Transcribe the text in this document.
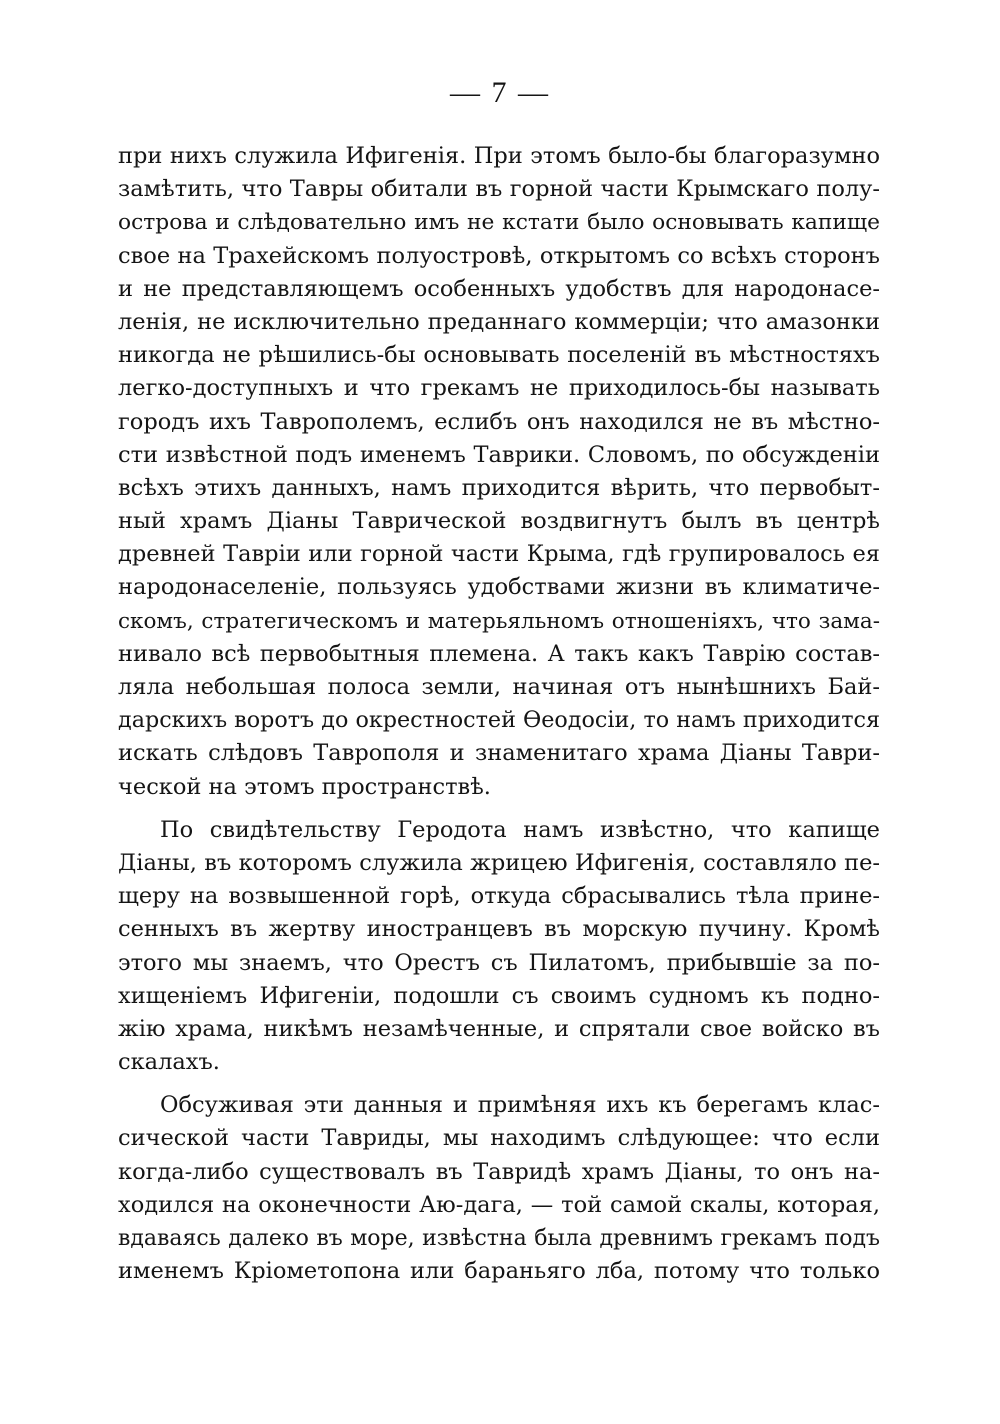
— 7 —
при нихъ служила Ифигенія. При этомъ было-бы благоразумно
замѣтить, что Тавры обитали въ горной части Крымскаго полу-
острова и слѣдовательно имъ не кстати было основывать капище
свое на Трахейскомъ полуостровѣ, открытомъ со всѣхъ сторонъ
и не представляющемъ особенныхъ удобствъ для народонасе-
ленія, не исключительно преданнаго коммерціи; что амазонки
никогда не рѣшились-бы основывать поселеній въ мѣстностяхъ
легко-доступныхъ и что грекамъ не приходилось-бы называть
городъ ихъ Таврополемъ, еслибъ онъ находился не въ мѣстно-
сти извѣстной подъ именемъ Таврики. Словомъ, по обсужденіи
всѣхъ этихъ данныхъ, намъ приходится вѣрить, что первобыт-
ный храмъ Діаны Таврической воздвигнутъ былъ въ центрѣ
древней Тавріи или горной части Крыма, гдѣ групировалось ея
народонаселеніе, пользуясь удобствами жизни въ климатиче-
скомъ, стратегическомъ и матерьяльномъ отношеніяхъ, что зама-
нивало всѣ первобытныя племена. А такъ какъ Таврію состав-
ляла небольшая полоса земли, начиная отъ нынѣшнихъ Бай-
дарскихъ воротъ до окрестностей Ѳеодосіи, то намъ приходится
искать слѣдовъ Таврополя и знаменитаго храма Діаны Таври-
ческой на этомъ пространствѣ.
По свидѣтельству Геродота намъ извѣстно, что капище
Діаны, въ которомъ служила жрицею Ифигенія, составляло пе-
щеру на возвышенной горѣ, откуда сбрасывались тѣла прине-
сенныхъ въ жертву иностранцевъ въ морскую пучину. Кромѣ
этого мы знаемъ, что Орестъ съ Пилатомъ, прибывшіе за по-
хищеніемъ Ифигеніи, подошли съ своимъ судномъ къ подно-
жію храма, никѣмъ незамѣченные, и спрятали свое войско въ
скалахъ.
Обсуживая эти данныя и примѣняя ихъ къ берегамъ клас-
сической части Тавриды, мы находимъ слѣдующее: что если
когда-либо существовалъ въ Тавридѣ храмъ Діаны, то онъ на-
ходился на оконечности Аю-дага, — той самой скалы, которая,
вдаваясь далеко въ море, извѣстна была древнимъ грекамъ подъ
именемъ Кріометопона или бараньяго лба, потому что только
